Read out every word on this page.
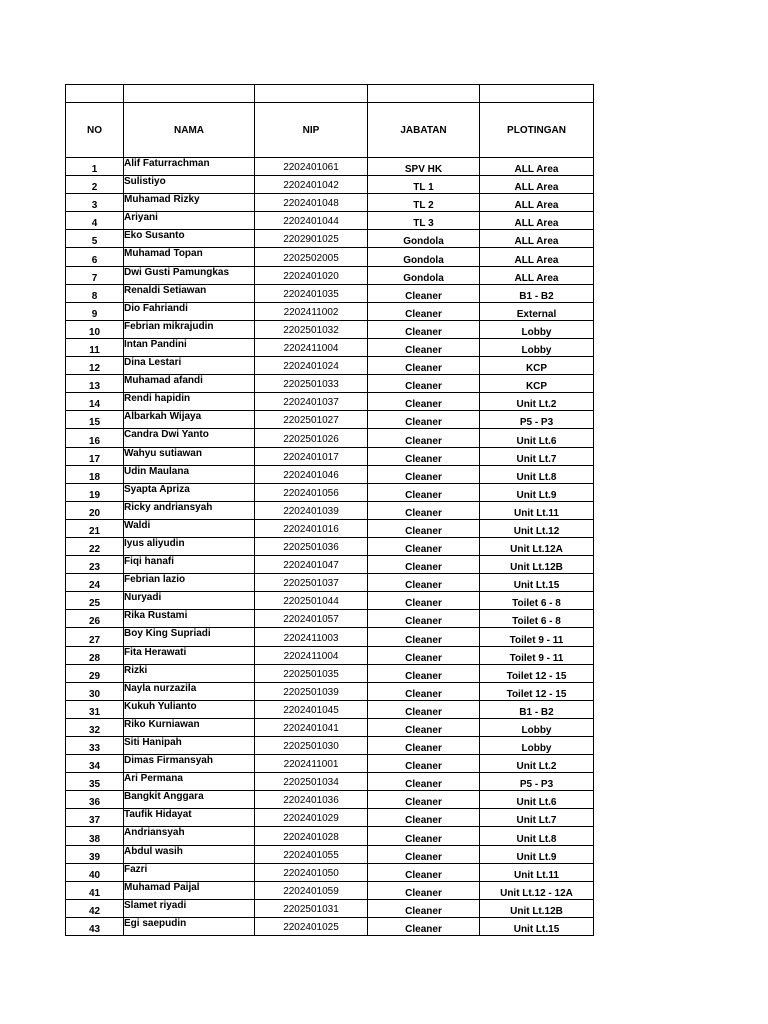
NO	NAMA	NIP	JABATAN	PLOTINGAN
1	Alif Faturrachman	2202401061	SPV HK	ALL Area
2	Sulistiyo	2202401042	TL 1	ALL Area
3	Muhamad Rizky	2202401048	TL 2	ALL Area
4	Ariyani	2202401044	TL 3	ALL Area
5	Eko Susanto	2202901025	Gondola	ALL Area
6	Muhamad Topan	2202502005	Gondola	ALL Area
7	Dwi Gusti Pamungkas	2202401020	Gondola	ALL Area
8	Renaldi Setiawan	2202401035	Cleaner	B1 - B2
9	Dio Fahriandi	2202411002	Cleaner	External
10	Febrian mikrajudin	2202501032	Cleaner	Lobby
11	Intan Pandini	2202411004	Cleaner	Lobby
12	Dina Lestari	2202401024	Cleaner	KCP
13	Muhamad afandi	2202501033	Cleaner	KCP
14	Rendi hapidin	2202401037	Cleaner	Unit Lt.2
15	Albarkah Wijaya	2202501027	Cleaner	P5 - P3
16	Candra Dwi Yanto	2202501026	Cleaner	Unit Lt.6
17	Wahyu sutiawan	2202401017	Cleaner	Unit Lt.7
18	Udin Maulana	2202401046	Cleaner	Unit Lt.8
19	Syapta Apriza	2202401056	Cleaner	Unit Lt.9
20	Ricky andriansyah	2202401039	Cleaner	Unit Lt.11
21	Waldi	2202401016	Cleaner	Unit Lt.12
22	Iyus aliyudin	2202501036	Cleaner	Unit Lt.12A
23	Fiqi hanafi	2202401047	Cleaner	Unit Lt.12B
24	Febrian lazio	2202501037	Cleaner	Unit Lt.15
25	Nuryadi	2202501044	Cleaner	Toilet 6 - 8
26	Rika Rustami	2202401057	Cleaner	Toilet 6 - 8
27	Boy King Supriadi	2202411003	Cleaner	Toilet 9 - 11
28	Fita Herawati	2202411004	Cleaner	Toilet 9 - 11
29	Rizki	2202501035	Cleaner	Toilet 12 - 15
30	Nayla nurzazila	2202501039	Cleaner	Toilet 12 - 15
31	Kukuh Yulianto	2202401045	Cleaner	B1 - B2
32	Riko Kurniawan	2202401041	Cleaner	Lobby
33	Siti Hanipah	2202501030	Cleaner	Lobby
34	Dimas Firmansyah	2202411001	Cleaner	Unit Lt.2
35	Ari Permana	2202501034	Cleaner	P5 - P3
36	Bangkit Anggara	2202401036	Cleaner	Unit Lt.6
37	Taufik Hidayat	2202401029	Cleaner	Unit Lt.7
38	Andriansyah	2202401028	Cleaner	Unit Lt.8
39	Abdul wasih	2202401055	Cleaner	Unit Lt.9
40	Fazri	2202401050	Cleaner	Unit Lt.11
41	Muhamad Paijal	2202401059	Cleaner	Unit Lt.12 - 12A
42	Slamet riyadi	2202501031	Cleaner	Unit Lt.12B
43	Egi saepudin	2202401025	Cleaner	Unit Lt.15
